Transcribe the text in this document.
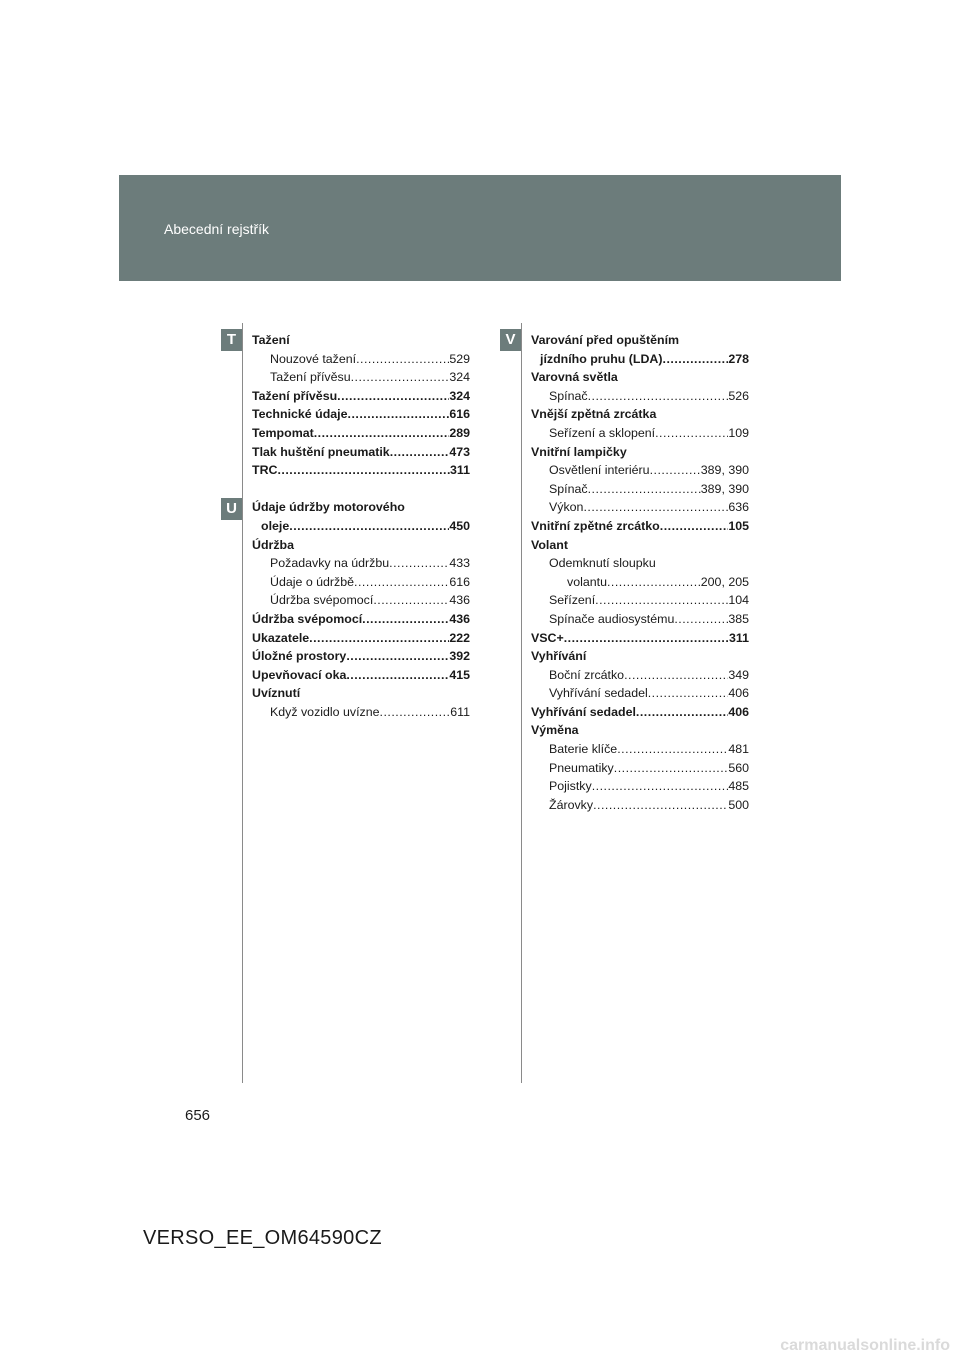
Abecední rejstřík
T
U
V
Tažení
Nouzové tažení .....	529
Tažení přívěsu .....	324
Tažení přívěsu .....	324
Technické údaje .....	616
Tempomat .....	289
Tlak huštění pneumatik .....	473
TRC .....	311
Údaje údržby motorového
oleje .....	450
Údržba
Požadavky na údržbu .....	433
Údaje o údržbě .....	616
Údržba svépomocí .....	436
Údržba svépomocí .....	436
Ukazatele .....	222
Úložné prostory .....	392
Upevňovací oka .....	415
Uvíznutí
Když vozidlo uvízne .....	611
Varování před opuštěním
jízdního pruhu (LDA) .....	278
Varovná světla
Spínač .....	526
Vnější zpětná zrcátka
Seřízení a sklopení .....	109
Vnitřní lampičky
Osvětlení interiéru .....	389, 390
Spínač .....	389, 390
Výkon .....	636
Vnitřní zpětné zrcátko .....	105
Volant
Odemknutí sloupku
volantu .....	200, 205
Seřízení .....	104
Spínače audiosystému .....	385
VSC+ .....	311
Vyhřívání
Boční zrcátko .....	349
Vyhřívání sedadel .....	406
Vyhřívání sedadel .....	406
Výměna
Baterie klíče .....	481
Pneumatiky .....	560
Pojistky .....	485
Žárovky .....	500
656
VERSO_EE_OM64590CZ
carmanualsonline.info
